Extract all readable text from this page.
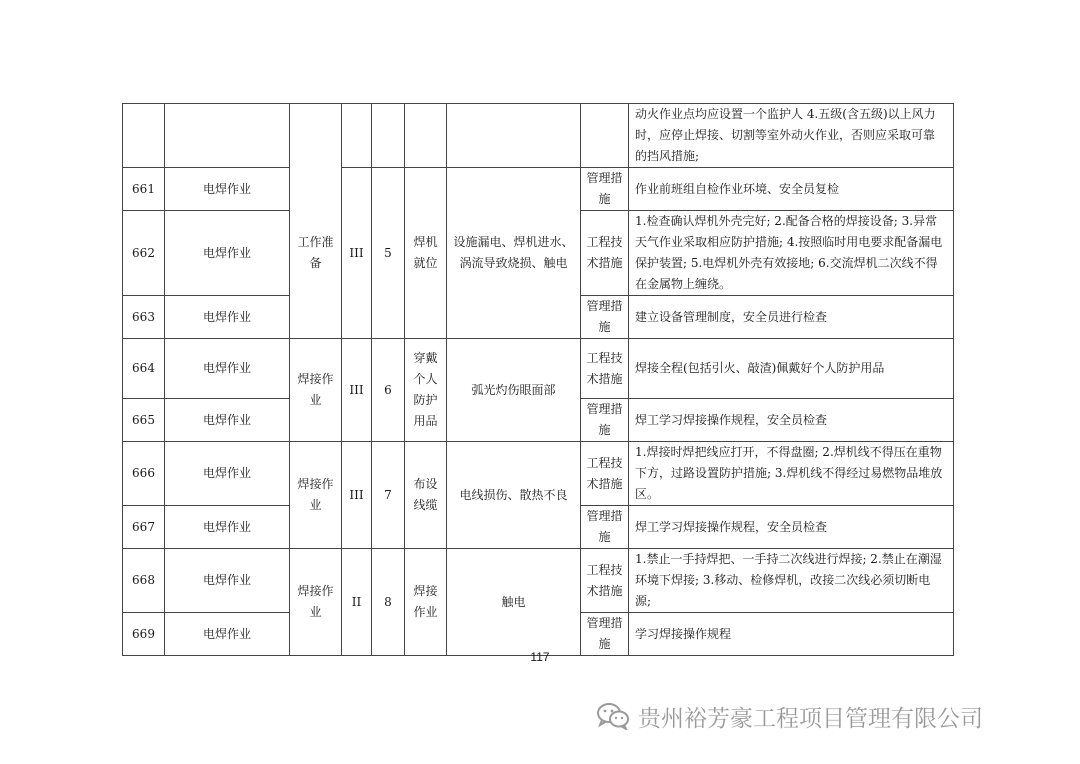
								动火作业点均应设置一个监护人 4.五级(含五级)以上风力时，应停止焊接、切割等室外动火作业，否则应采取可靠的挡风措施;
661	电焊作业	工作准备	III	5	焊机就位	设施漏电、焊机进水、涡流导致烧损、触电	管理措施	作业前班组自检作业环境、安全员复检
662	电焊作业						工程技术措施	1.检查确认焊机外壳完好; 2.配备合格的焊接设备; 3.异常天气作业采取相应防护措施; 4.按照临时用电要求配备漏电保护装置; 5.电焊机外壳有效接地; 6.交流焊机二次线不得在金属物上缠绕。
663	电焊作业						管理措施	建立设备管理制度，安全员进行检查
664	电焊作业	焊接作业	III	6	穿戴个人防护用品	弧光灼伤眼面部	工程技术措施	焊接全程(包括引火、敲渣)佩戴好个人防护用品
665	电焊作业						管理措施	焊工学习焊接操作规程，安全员检查
666	电焊作业	焊接作业	III	7	布设线缆	电线损伤、散热不良	工程技术措施	1.焊接时焊把线应打开，不得盘圈; 2.焊机线不得压在重物下方，过路设置防护措施; 3.焊机线不得经过易燃物品堆放区。
667	电焊作业						管理措施	焊工学习焊接操作规程，安全员检查
668	电焊作业	焊接作业	II	8	焊接作业	触电	工程技术措施	1.禁止一手持焊把、一手持二次线进行焊接; 2.禁止在潮湿环境下焊接; 3.移动、检修焊机，改接二次线必须切断电源;
669	电焊作业						管理措施	学习焊接操作规程
117
贵州裕芳豪工程项目管理有限公司
